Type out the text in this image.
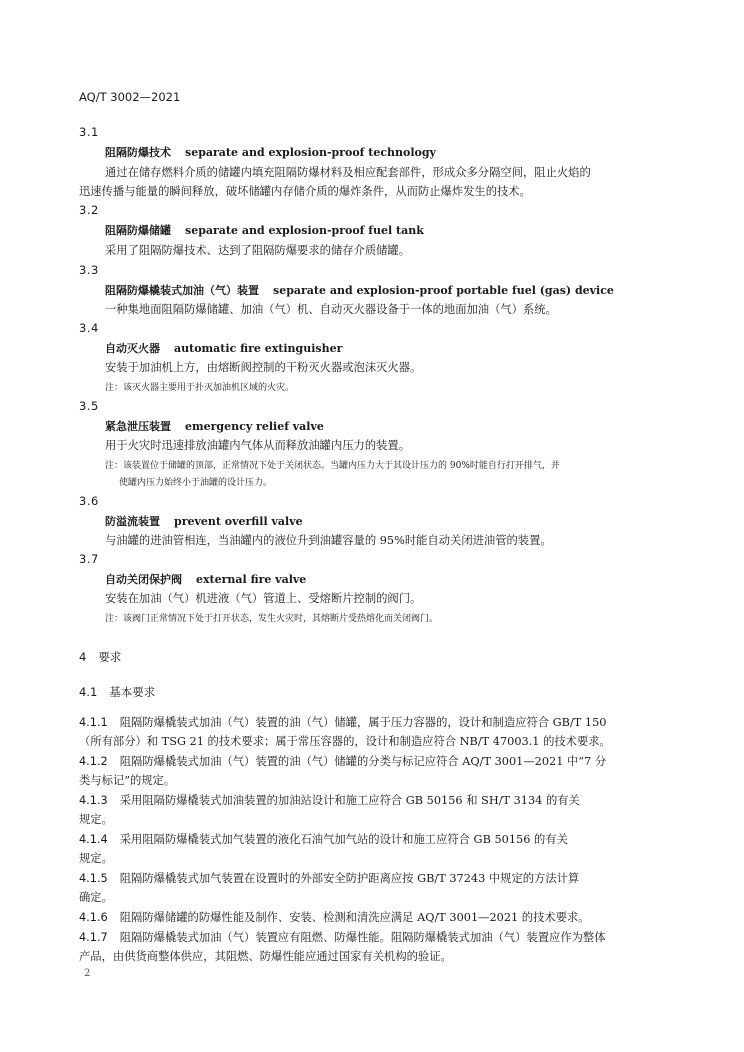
AQ/T 3002—2021
3.1
阻隔防爆技术 separate and explosion-proof technology
通过在储存燃料介质的储罐内填充阻隔防爆材料及相应配套部件，形成众多分隔空间，阻止火焰的
迅速传播与能量的瞬间释放，破坏储罐内存储介质的爆炸条件，从而防止爆炸发生的技术。
3.2
阻隔防爆储罐 separate and explosion-proof fuel tank
采用了阻隔防爆技术、达到了阻隔防爆要求的储存介质储罐。
3.3
阻隔防爆橇装式加油（气）装置 separate and explosion-proof portable fuel (gas) device
一种集地面阻隔防爆储罐、加油（气）机、自动灭火器设备于一体的地面加油（气）系统。
3.4
自动灭火器 automatic fire extinguisher
安装于加油机上方，由熔断阀控制的干粉灭火器或泡沫灭火器。
注：该灭火器主要用于扑灭加油机区域的火灾。
3.5
紧急泄压装置 emergency relief valve
用于火灾时迅速排放油罐内气体从而释放油罐内压力的装置。
注：该装置位于储罐的顶部，正常情况下处于关闭状态。当罐内压力大于其设计压力的 90%时能自行打开排气，并
使罐内压力始终小于油罐的设计压力。
3.6
防溢流装置 prevent overfill valve
与油罐的进油管相连，当油罐内的液位升到油罐容量的 95%时能自动关闭进油管的装置。
3.7
自动关闭保护阀 external fire valve
安装在加油（气）机进液（气）管道上、受熔断片控制的阀门。
注：该阀门正常情况下处于打开状态，发生火灾时，其熔断片受热熔化而关闭阀门。
4 要求
4.1 基本要求
4.1.1 阻隔防爆橇装式加油（气）装置的油（气）储罐，属于压力容器的，设计和制造应符合 GB/T 150
（所有部分）和 TSG 21 的技术要求；属于常压容器的，设计和制造应符合 NB/T 47003.1 的技术要求。
4.1.2 阻隔防爆橇装式加油（气）装置的油（气）储罐的分类与标记应符合 AQ/T 3001—2021 中“7 分
类与标记”的规定。
4.1.3 采用阻隔防爆橇装式加油装置的加油站设计和施工应符合 GB 50156 和 SH/T 3134 的有关
规定。
4.1.4 采用阻隔防爆橇装式加气装置的液化石油气加气站的设计和施工应符合 GB 50156 的有关
规定。
4.1.5 阻隔防爆橇装式加气装置在设置时的外部安全防护距离应按 GB/T 37243 中规定的方法计算
确定。
4.1.6 阻隔防爆储罐的防爆性能及制作、安装、检测和清洗应满足 AQ/T 3001—2021 的技术要求。
4.1.7 阻隔防爆橇装式加油（气）装置应有阻燃、防爆性能。阻隔防爆橇装式加油（气）装置应作为整体
产品，由供货商整体供应，其阻燃、防爆性能应通过国家有关机构的验证。
2
